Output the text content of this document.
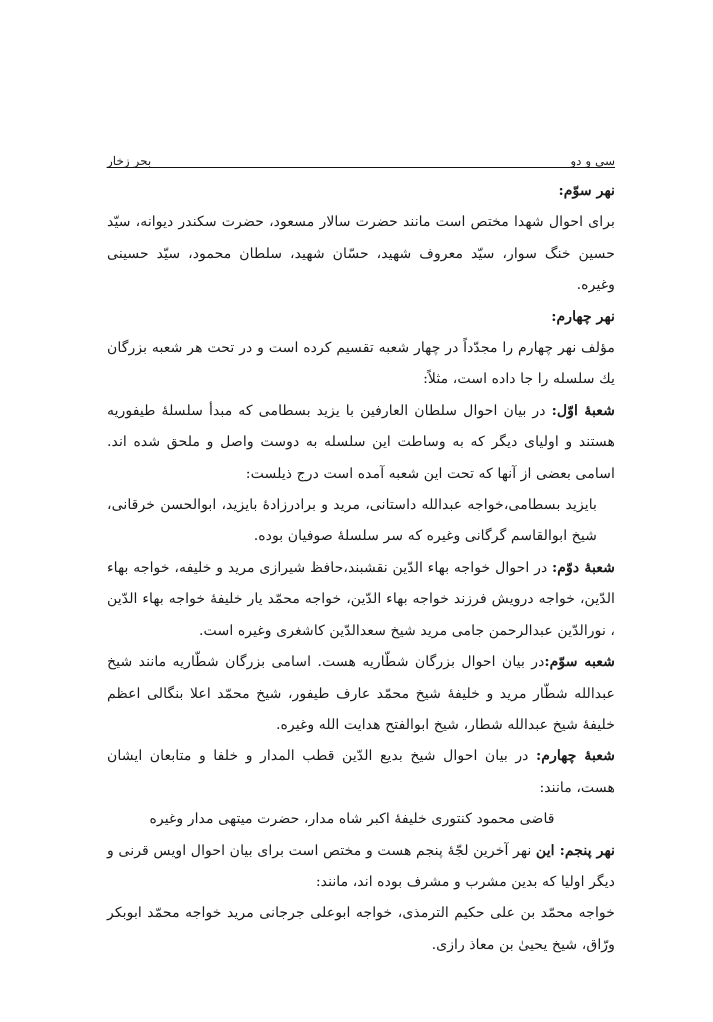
سی و دو
بحر زخار

نهر سوّم:

برای احوال شهدا مختص است مانند حضرت سالار مسعود، حضرت سکندر دیوانه، سیّد حسین خنگ سوار، سیّد معروف شهید، حسّان شهید، سلطان محمود، سیّد حسینی وغیره.

نهر چهارم:

مؤلف نهر چهارم را مجدّداً در چهار شعبه تقسیم کرده است و در تحت هر شعبه بزرگان یك سلسله را جا داده است، مثلاً:

شعبهٔ اوّل: در بیان احوال سلطان العارفین با یزید بسطامی که مبدأ سلسلهٔ طیفوریه هستند و اولیای دیگر که به وساطت این سلسله به دوست واصل و ملحق شده اند. اسامی بعضی از آنها که تحت این شعبه آمده است درج ذیلست:

بایزید بسطامی،خواجه عبدالله داستانی، مرید و برادرزادهٔ بایزید، ابوالحسن خرقانی، شیخ ابوالقاسم گرگانی وغیره که سر سلسلهٔ صوفیان بوده.

شعبهٔ دوّم: در احوال خواجه بهاء الدّین نقشبند،حافظ شیرازی مرید و خلیفه، خواجه بهاء الدّین، خواجه درویش فرزند خواجه بهاء الدّین، خواجه محمّد یار خلیفهٔ خواجه بهاء الدّین ، نورالدّین عبدالرحمن جامی مرید شیخ سعدالدّین کاشغری وغیره است.

شعبه سوّم:در بیان احوال بزرگان شطّاریه هست. اسامی بزرگان شطّاریه مانند شیخ عبدالله شطّار مرید و خلیفهٔ شیخ محمّد عارف طیفور، شیخ محمّد اعلا بنگالی اعظم خلیفهٔ شیخ عبدالله شطار، شیخ ابوالفتح هدایت الله وغیره.

شعبهٔ چهارم: در بیان احوال شیخ بدیع الدّین قطب المدار و خلفا و متابعان ایشان هست، مانند:

قاضی محمود کنتوری خلیفهٔ اکبر شاه مدار، حضرت میتهی مدار وغیره

نهر پنجم: این نهر آخرین لجّهٔ پنجم هست و مختص است برای بیان احوال اویس قرنی و دیگر اولیا که بدین مشرب و مشرف بوده اند، مانند:

خواجه محمّد بن علی حکیم الترمذی، خواجه ابوعلی جرجانی مرید خواجه محمّد ابوبکر ورّاق، شیخ یحییٰ بن معاذ رازی.
